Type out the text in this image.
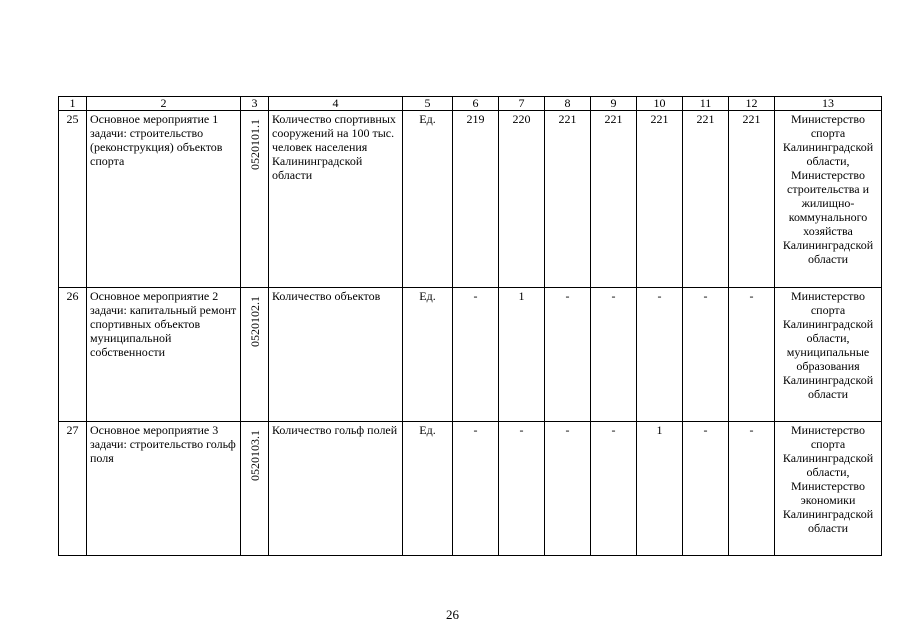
1	2	3	4	5	6	7	8	9	10	11	12	13
25	Основное мероприятие 1 задачи: строительство (реконструкция) объектов спорта	0520101.1	Количество спортивных сооружений на 100 тыс. человек населения Калининградской области	Ед.	219	220	221	221	221	221	221	Министерство спорта Калининградской области, Министерство строительства и жилищно-коммунального хозяйства Калининградской области
26	Основное мероприятие 2 задачи: капитальный ремонт спортивных объектов муниципальной собственности	0520102.1	Количество объектов	Ед.	-	1	-	-	-	-	-	Министерство спорта Калининградской области, муниципальные образования Калининградской области
27	Основное мероприятие 3 задачи: строительство гольф поля	0520103.1	Количество гольф полей	Ед.	-	-	-	-	1	-	-	Министерство спорта Калининградской области, Министерство экономики Калининградской области
26
